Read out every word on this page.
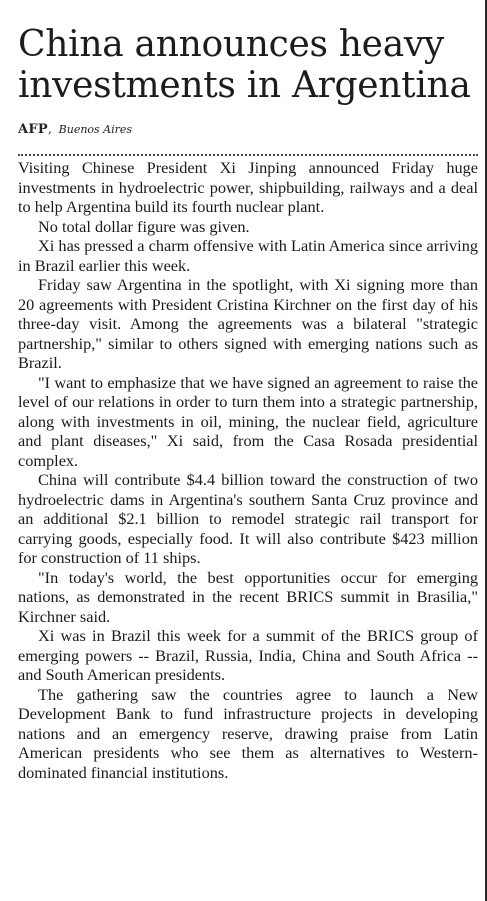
China announces heavy investments in Argentina
AFP, Buenos Aires

Visiting Chinese President Xi Jinping announced Friday huge investments in hydroelectric power, shipbuilding, railways and a deal to help Argentina build its fourth nuclear plant.

No total dollar figure was given.

Xi has pressed a charm offensive with Latin America since arriving in Brazil earlier this week.

Friday saw Argentina in the spotlight, with Xi signing more than 20 agreements with President Cristina Kirchner on the first day of his three-day visit. Among the agreements was a bilateral "strategic partnership," similar to others signed with emerging nations such as Brazil.

"I want to emphasize that we have signed an agreement to raise the level of our relations in order to turn them into a strategic partnership, along with investments in oil, mining, the nuclear field, agriculture and plant diseases," Xi said, from the Casa Rosada presidential complex.

China will contribute $4.4 billion toward the construction of two hydroelectric dams in Argentina's southern Santa Cruz province and an additional $2.1 billion to remodel strategic rail transport for carrying goods, especially food. It will also contribute $423 million for construction of 11 ships.

"In today's world, the best opportunities occur for emerging nations, as demonstrated in the recent BRICS summit in Brasilia," Kirchner said.

Xi was in Brazil this week for a summit of the BRICS group of emerging powers -- Brazil, Russia, India, China and South Africa -- and South American presidents.

The gathering saw the countries agree to launch a New Development Bank to fund infrastructure projects in developing nations and an emergency reserve, drawing praise from Latin American presidents who see them as alternatives to Western-dominated financial institutions.
